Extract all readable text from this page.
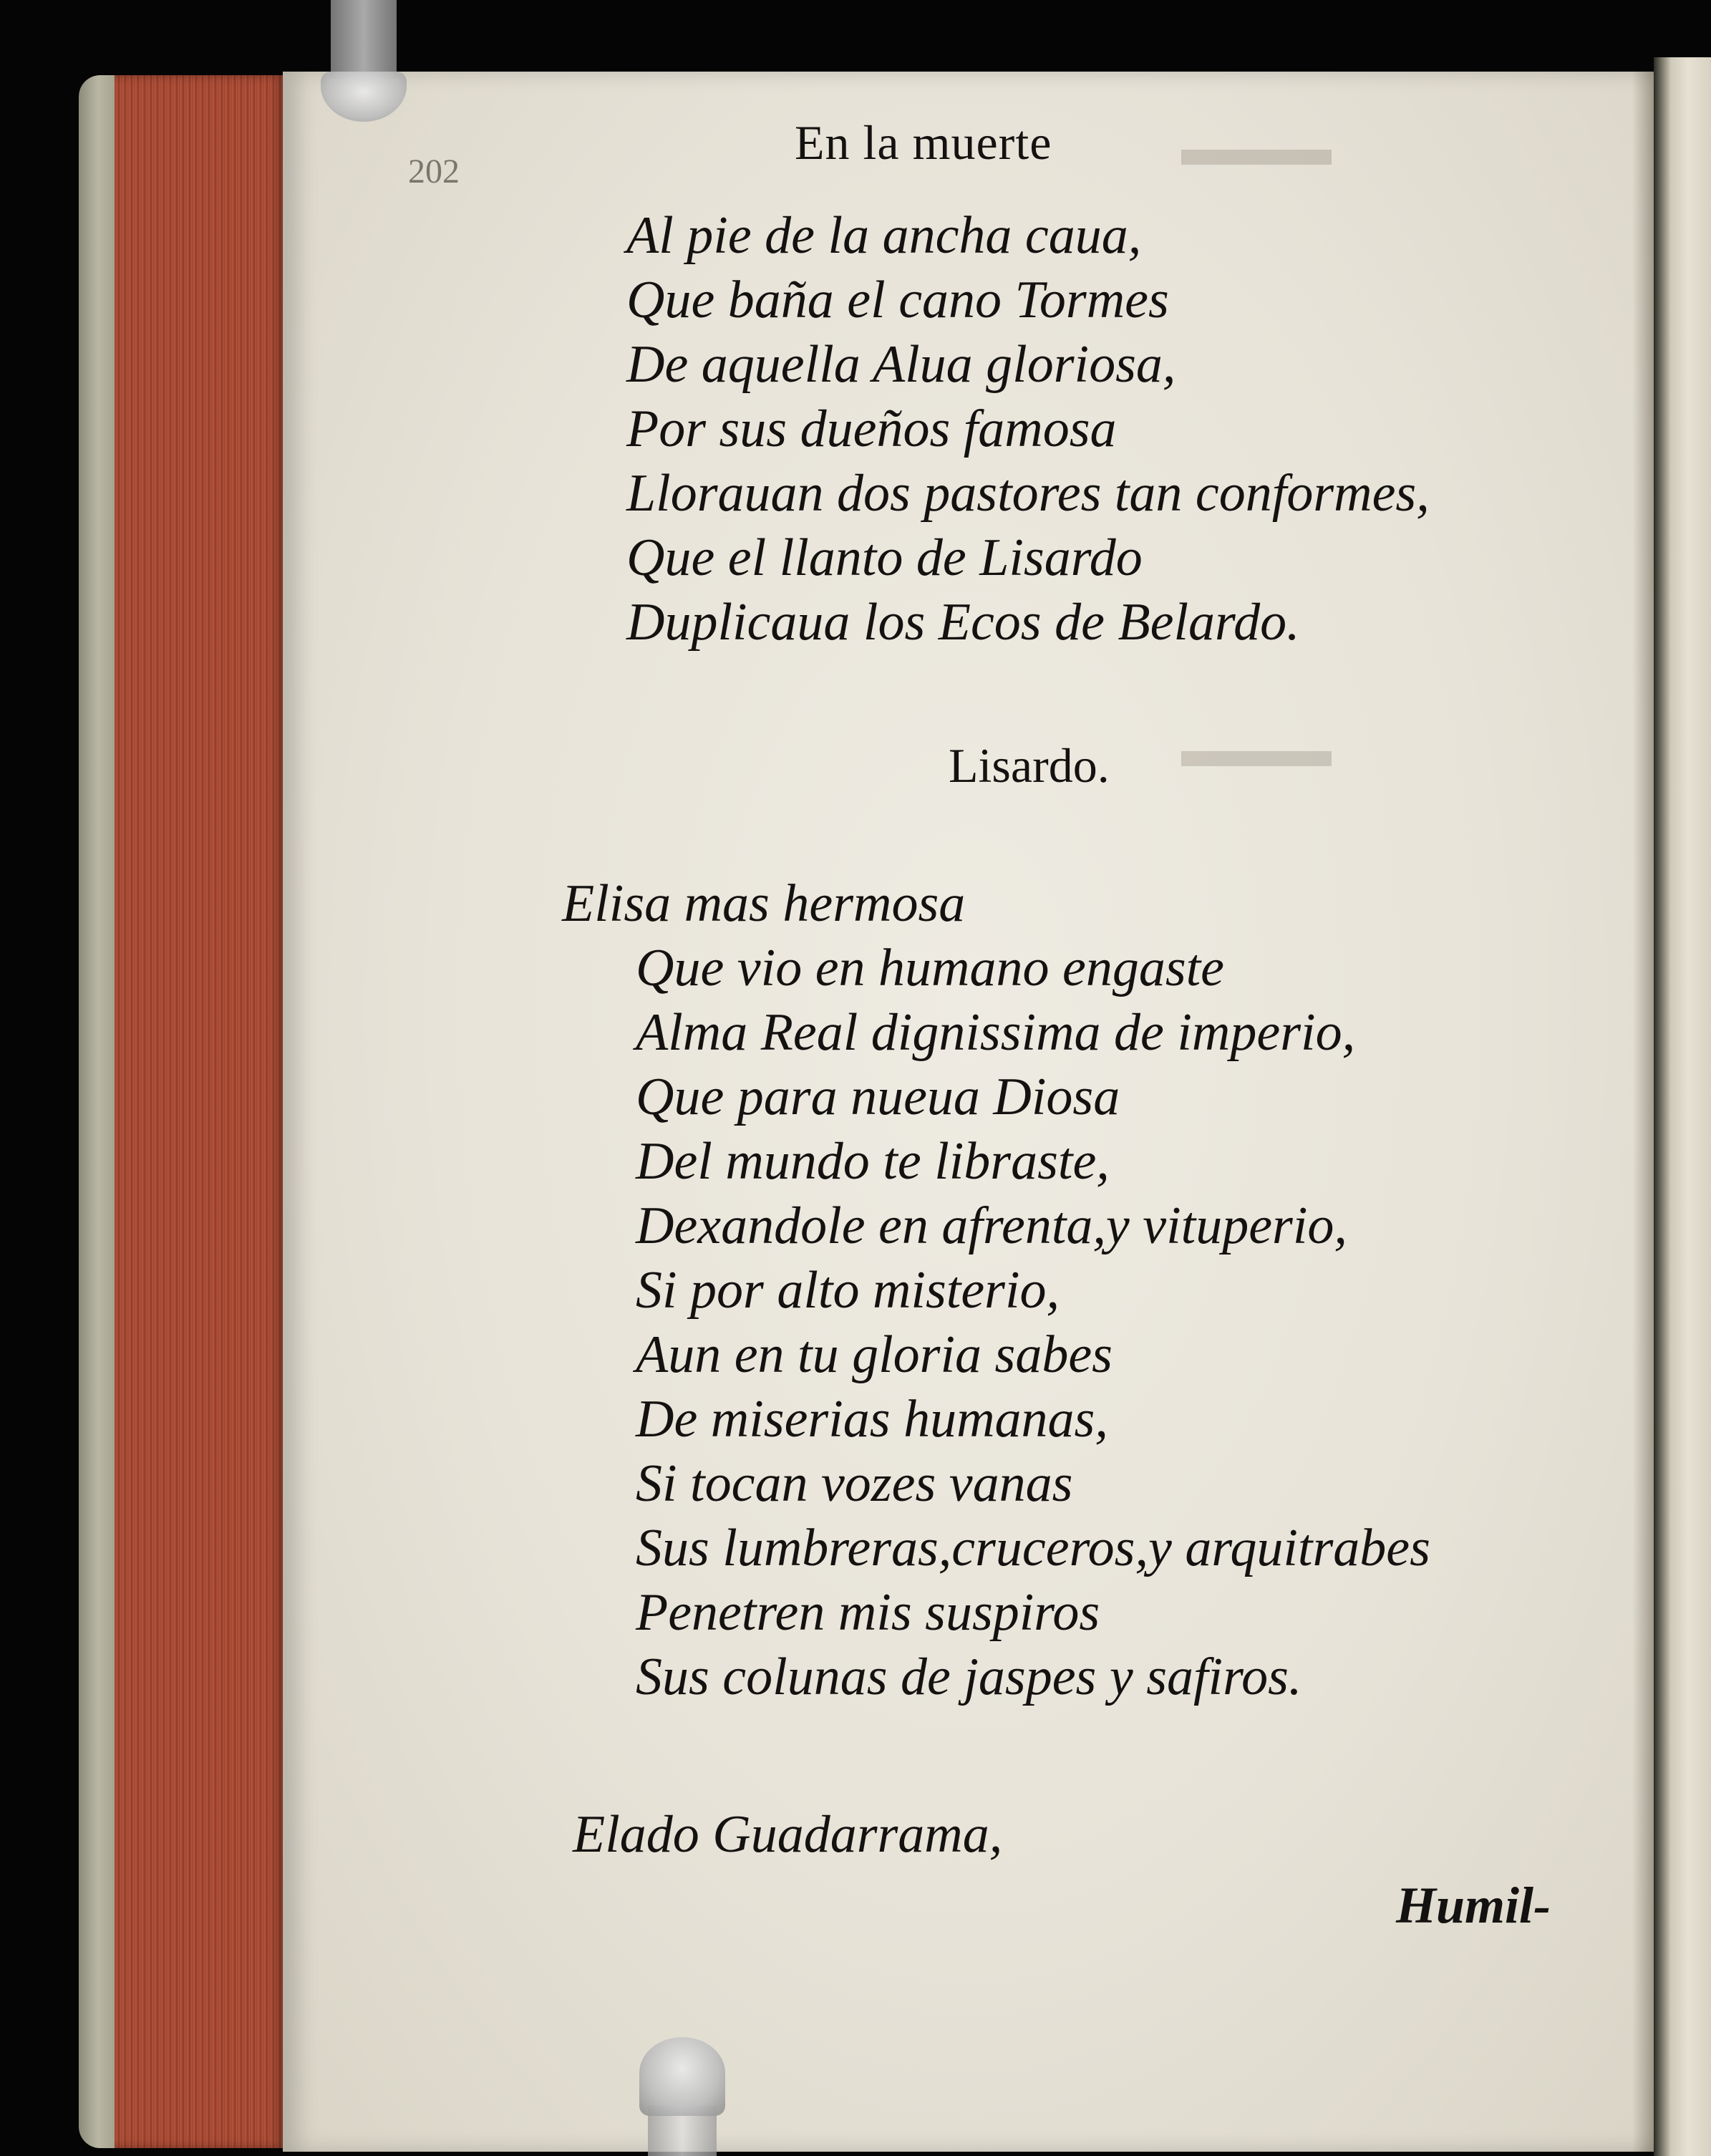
▬▬▬
▬▬▬
En la muerte
202
Al pie de la ancha caua,
Que baña el cano Tormes
De aquella Alua gloriosa,
Por sus dueños famosa
Llorauan dos pastores tan conformes,
Que el llanto de Lisardo
Duplicaua los Ecos de Belardo.
Lisardo.
Elisa mas hermosa
Que vio en humano engaste
Alma Real dignissima de imperio,
Que para nueua Diosa
Del mundo te libraste,
Dexandole en afrenta,y vituperio,
Si por alto misterio,
Aun en tu gloria sabes
De miserias humanas,
Si tocan vozes vanas
Sus lumbreras,cruceros,y arquitrabes
Penetren mis suspiros
Sus colunas de jaspes y safiros.
Elado Guadarrama,
Humil-
